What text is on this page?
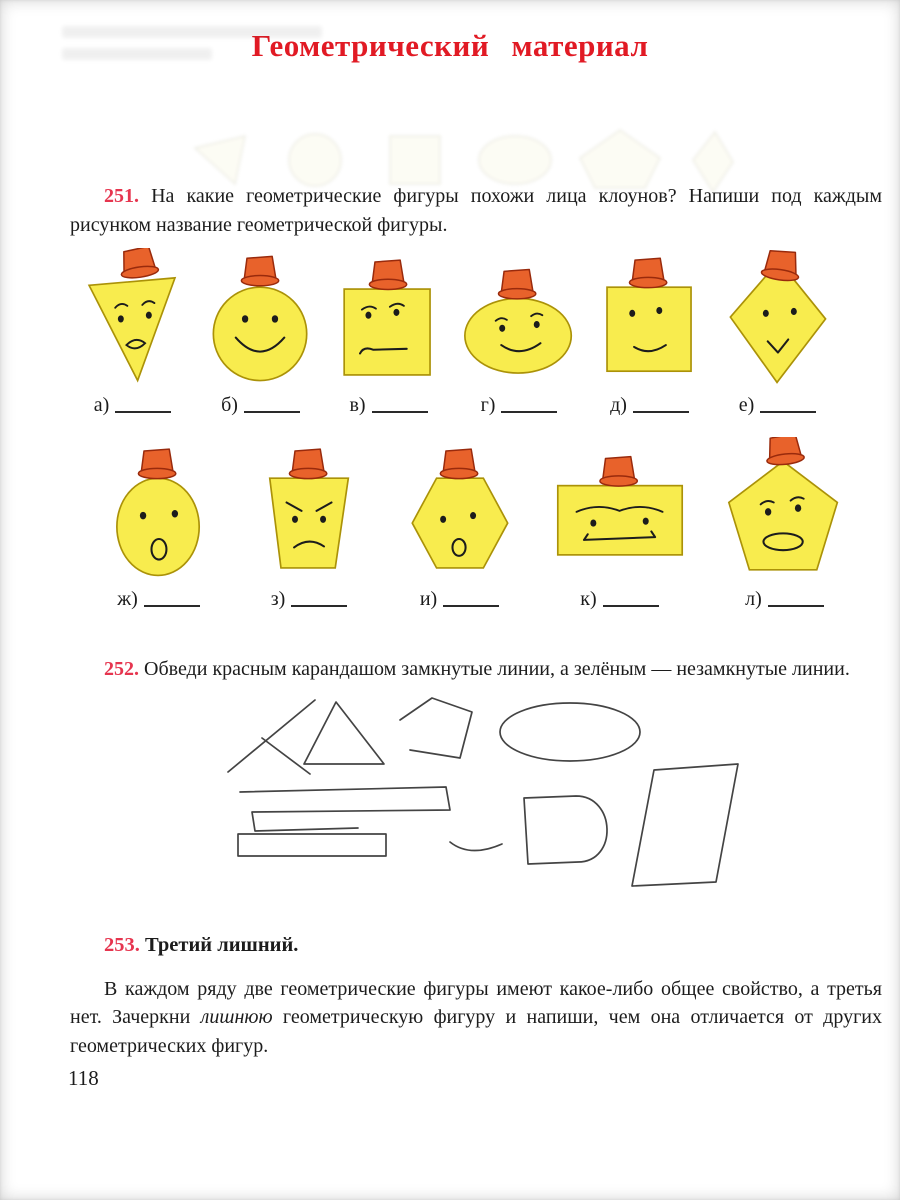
Геометрический материал

251. На какие геометрические фигуры похожи лица клоунов? Напиши под каждым рисунком название геометрической фигуры.

а)	б)	в)	г)	д)	е)
ж)	з)	и)	к)	л)

252. Обведи красным карандашом замкнутые линии, а зелёным — незамкнутые линии.

253. Третий лишний.

В каждом ряду две геометрические фигуры имеют какое-либо общее свойство, а третья нет. Зачеркни лишнюю геометрическую фигуру и напиши, чем она отличается от других геометрических фигур.

118
